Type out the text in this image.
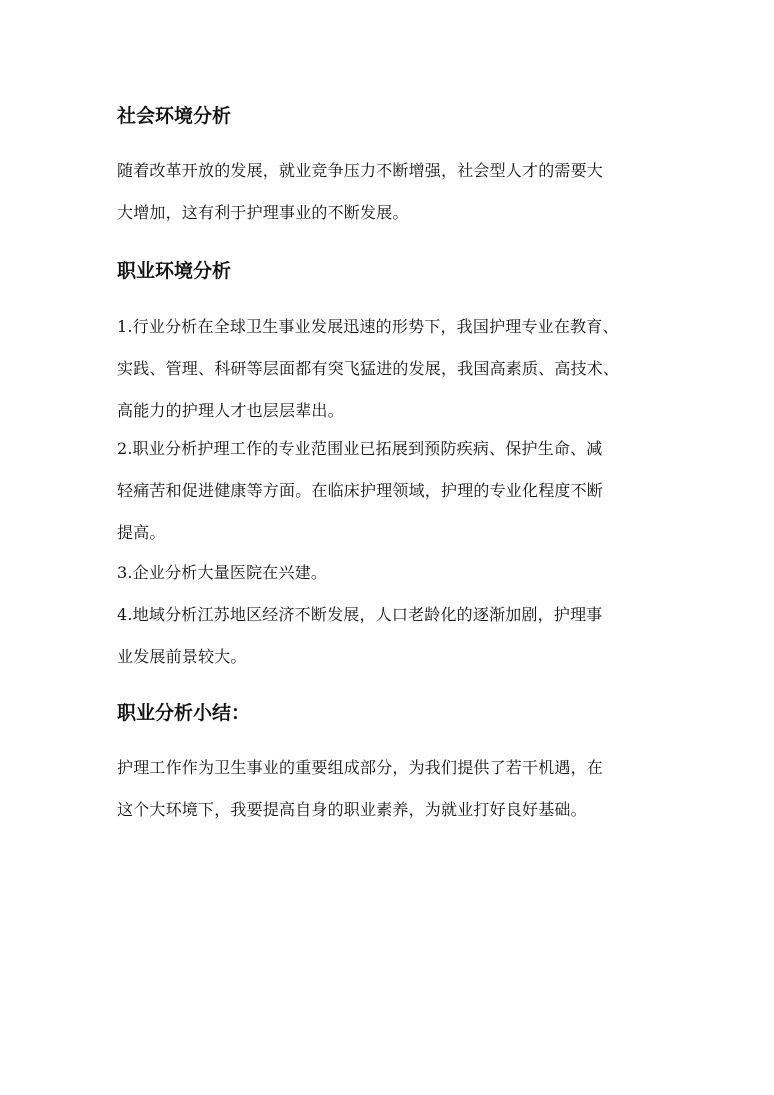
社会环境分析
随着改革开放的发展，就业竞争压力不断增强，社会型人才的需要大
大增加，这有利于护理事业的不断发展。
职业环境分析
1.行业分析在全球卫生事业发展迅速的形势下，我国护理专业在教育、
实践、管理、科研等层面都有突飞猛进的发展，我国高素质、高技术、
高能力的护理人才也层层辈出。
2.职业分析护理工作的专业范围业已拓展到预防疾病、保护生命、减
轻痛苦和促进健康等方面。在临床护理领域，护理的专业化程度不断
提高。
3.企业分析大量医院在兴建。
4.地域分析江苏地区经济不断发展，人口老龄化的逐渐加剧，护理事
业发展前景较大。
职业分析小结：
护理工作作为卫生事业的重要组成部分，为我们提供了若干机遇，在
这个大环境下，我要提高自身的职业素养，为就业打好良好基础。
